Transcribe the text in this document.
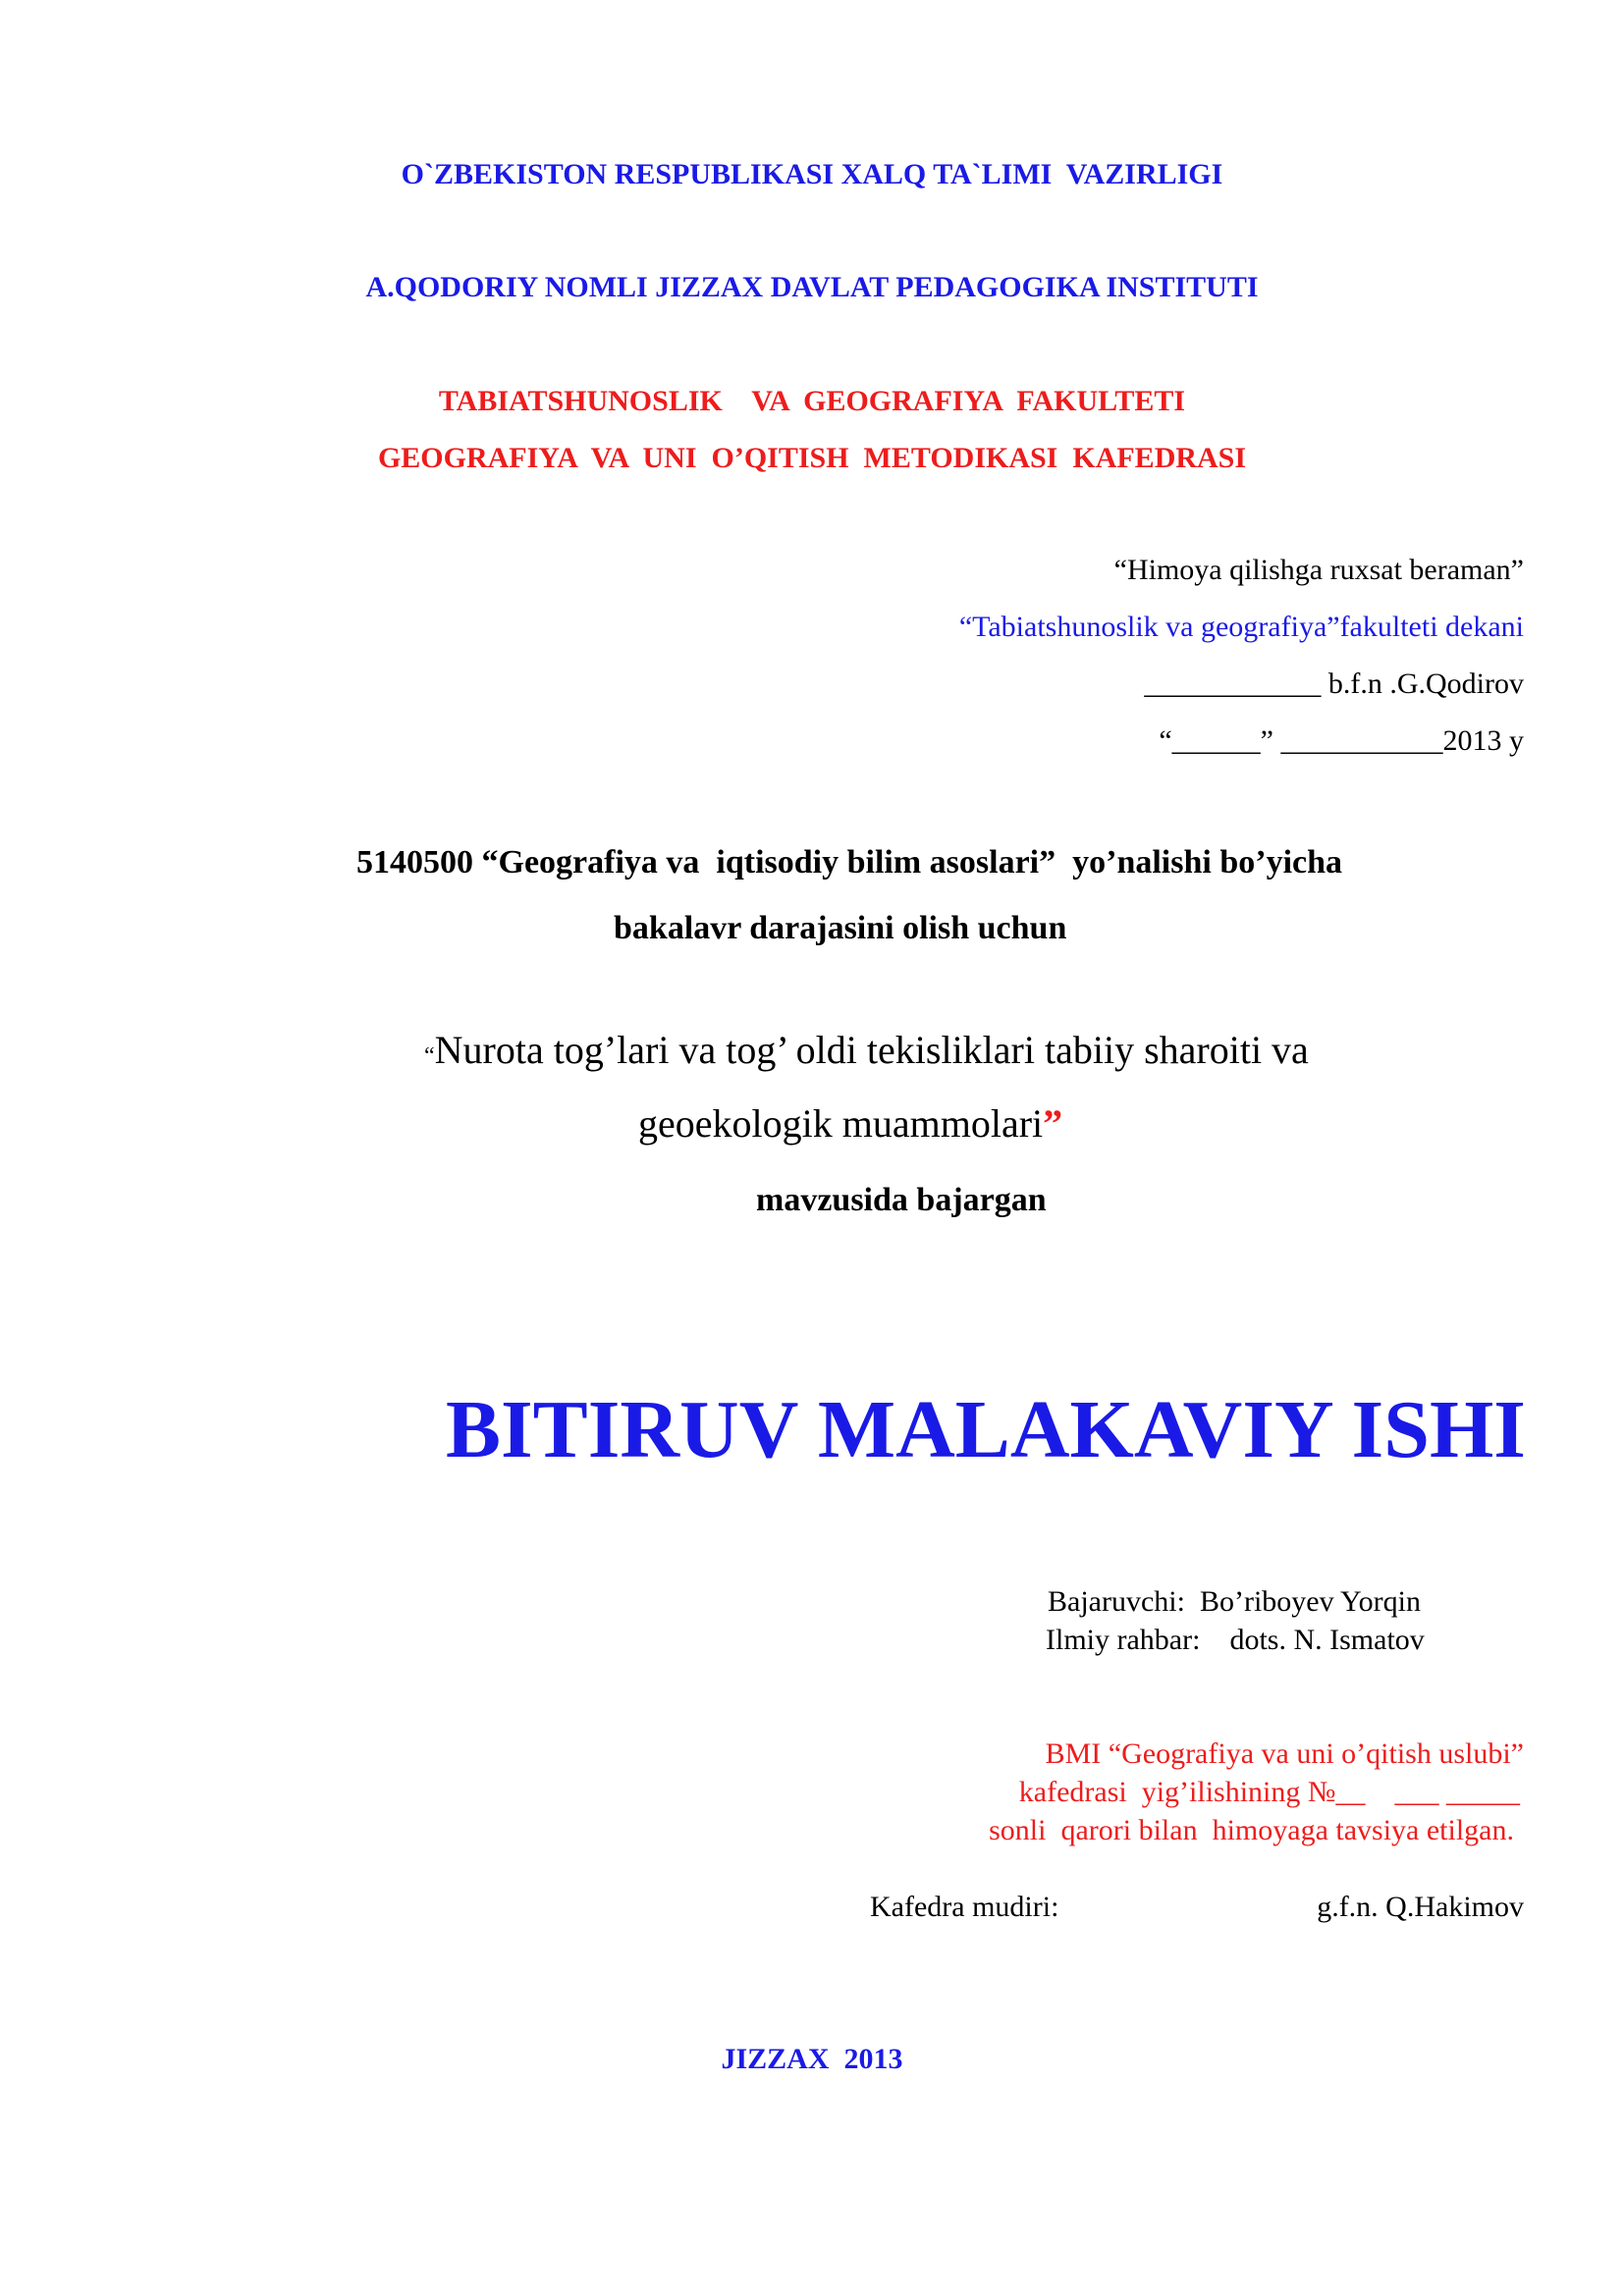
O`ZBEKISTON RESPUBLIKASI XALQ TA`LIMI  VAZIRLIGI
A.QODORIY NOMLI JIZZAX DAVLAT PEDAGOGIKA INSTITUTI
TABIATSHUNOSLIK    VA  GEOGRAFIYA  FAKULTETI
GEOGRAFIYA  VA  UNI  O’QITISH  METODIKASI  KAFEDRASI
“Himoya qilishga ruxsat beraman”
“Tabiatshunoslik va geografiya”fakulteti dekani
____________ b.f.n .G.Qodirov
“______” ___________2013 y
5140500 “Geografiya va  iqtisodiy bilim asoslari”  yo’nalishi bo’yicha
bakalavr darajasini olish uchun
“Nurota tog’lari va tog’ oldi tekisliklari tabiiy sharoiti va
geoekologik muammolari”
mavzusida bajargan
BITIRUV MALAKAVIY ISHI
Bajaruvchi: Bo’riboyev Yorqin
Ilmiy rahbar: dots. N. Ismatov
BMI “Geografiya va uni o’qitish uslubi”
kafedrasi  yig’ilishining №__    ___ _____
sonli  qarori bilan  himoyaga tavsiya etilgan.
Kafedra mudiri:	g.f.n. Q.Hakimov
JIZZAX  2013
